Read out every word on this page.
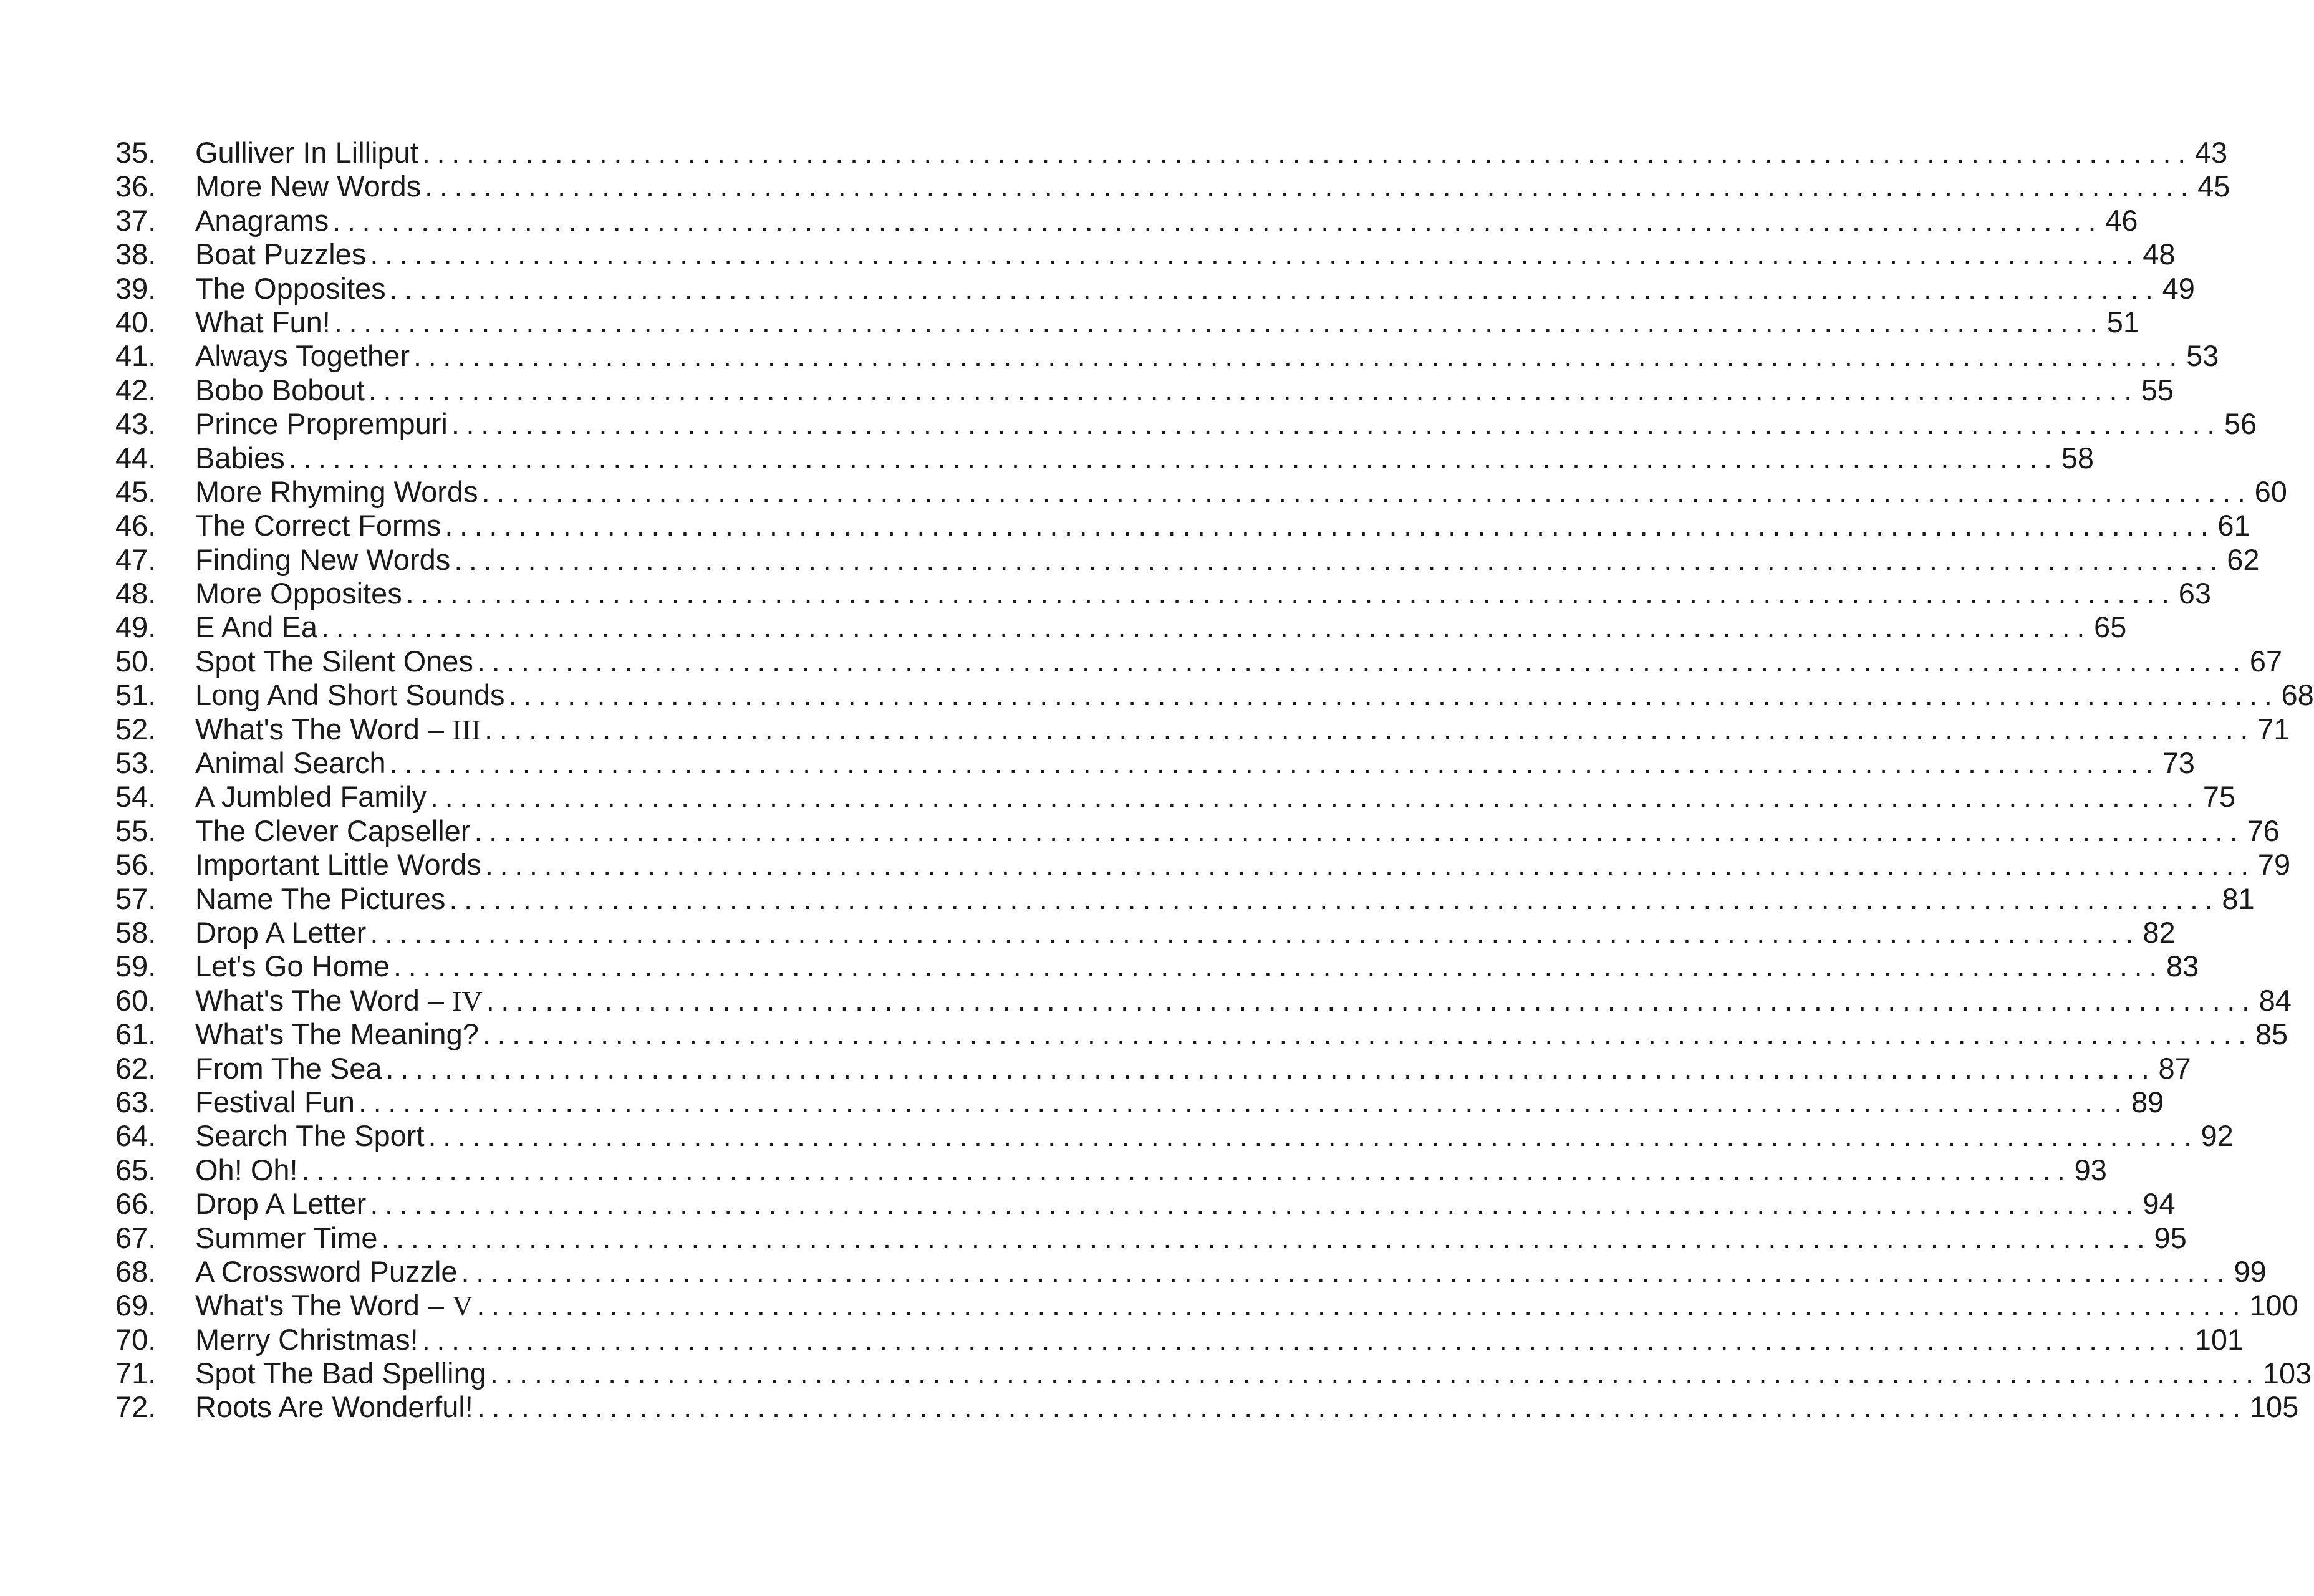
35.	Gulliver In Lilliput ........................................................................................................................ 43
36.	More New Words ........................................................................................................................ 45
37.	Anagrams ........................................................................................................................ 46
38.	Boat Puzzles ........................................................................................................................ 48
39.	The Opposites ........................................................................................................................ 49
40.	What Fun! ........................................................................................................................ 51
41.	Always Together ........................................................................................................................ 53
42.	Bobo Bobout ........................................................................................................................ 55
43.	Prince Proprempuri ........................................................................................................................ 56
44.	Babies ........................................................................................................................ 58
45.	More Rhyming Words ........................................................................................................................ 60
46.	The Correct Forms ........................................................................................................................ 61
47.	Finding New Words ........................................................................................................................ 62
48.	More Opposites ........................................................................................................................ 63
49.	E And Ea ........................................................................................................................ 65
50.	Spot The Silent Ones ........................................................................................................................ 67
51.	Long And Short Sounds ........................................................................................................................ 68
52.	What's The Word – III ........................................................................................................................ 71
53.	Animal Search ........................................................................................................................ 73
54.	A Jumbled Family ........................................................................................................................ 75
55.	The Clever Capseller ........................................................................................................................ 76
56.	Important Little Words ........................................................................................................................ 79
57.	Name The Pictures ........................................................................................................................ 81
58.	Drop A Letter ........................................................................................................................ 82
59.	Let's Go Home ........................................................................................................................ 83
60.	What's The Word – IV ........................................................................................................................ 84
61.	What's The Meaning? ........................................................................................................................ 85
62.	From The Sea ........................................................................................................................ 87
63.	Festival Fun ........................................................................................................................ 89
64.	Search The Sport ........................................................................................................................ 92
65.	Oh! Oh! ........................................................................................................................ 93
66.	Drop A Letter ........................................................................................................................ 94
67.	Summer Time ........................................................................................................................ 95
68.	A Crossword Puzzle ........................................................................................................................ 99
69.	What's The Word – V ........................................................................................................................ 100
70.	Merry Christmas! ........................................................................................................................ 101
71.	Spot The Bad Spelling ........................................................................................................................ 103
72.	Roots Are Wonderful! ........................................................................................................................ 105
